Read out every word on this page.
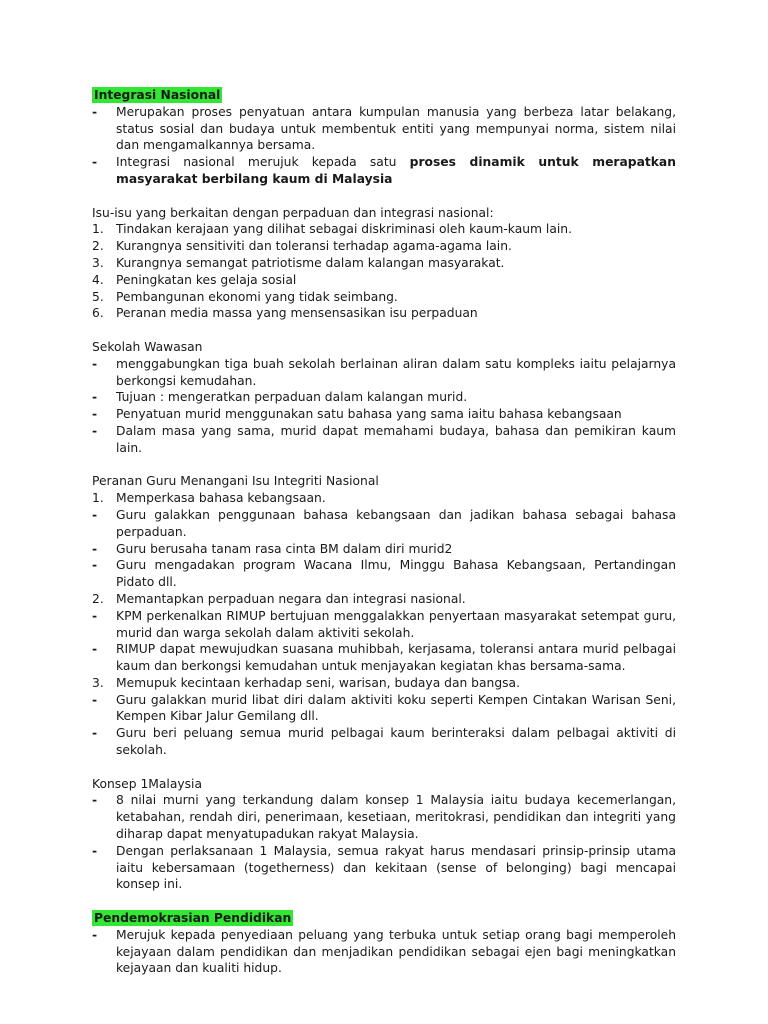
Integrasi Nasional
-	Merupakan proses penyatuan antara kumpulan manusia yang berbeza latar belakang, status sosial dan budaya untuk membentuk entiti yang mempunyai norma, sistem nilai dan mengamalkannya bersama.
-	Integrasi nasional merujuk kepada satu proses dinamik untuk merapatkan masyarakat berbilang kaum di Malaysia

Isu-isu yang berkaitan dengan perpaduan dan integrasi nasional:

1. Tindakan kerajaan yang dilihat sebagai diskriminasi oleh kaum-kaum lain.
2. Kurangnya sensitiviti dan toleransi terhadap agama-agama lain.
3. Kurangnya semangat patriotisme dalam kalangan masyarakat.
4. Peningkatan kes gelaja sosial
5. Pembangunan ekonomi yang tidak seimbang.
6. Peranan media massa yang mensensasikan isu perpaduan

Sekolah Wawasan

-	menggabungkan tiga buah sekolah berlainan aliran dalam satu kompleks iaitu pelajarnya berkongsi kemudahan.
-	Tujuan : mengeratkan perpaduan dalam kalangan murid.
-	Penyatuan murid menggunakan satu bahasa yang sama iaitu bahasa kebangsaan
-	Dalam masa yang sama, murid dapat memahami budaya, bahasa dan pemikiran kaum lain.

Peranan Guru Menangani Isu Integriti Nasional

1. Memperkasa bahasa kebangsaan.
-	Guru galakkan penggunaan bahasa kebangsaan dan jadikan bahasa sebagai bahasa perpaduan.
-	Guru berusaha tanam rasa cinta BM dalam diri murid2
-	Guru mengadakan program Wacana Ilmu, Minggu Bahasa Kebangsaan, Pertandingan Pidato dll.
2. Memantapkan perpaduan negara dan integrasi nasional.
-	KPM perkenalkan RIMUP bertujuan menggalakkan penyertaan masyarakat setempat guru, murid dan warga sekolah dalam aktiviti sekolah.
-	RIMUP dapat mewujudkan suasana muhibbah, kerjasama, toleransi antara murid pelbagai kaum dan berkongsi kemudahan untuk menjayakan kegiatan khas bersama-sama.
3. Memupuk kecintaan kerhadap seni, warisan, budaya dan bangsa.
-	Guru galakkan murid libat diri dalam aktiviti koku seperti Kempen Cintakan Warisan Seni, Kempen Kibar Jalur Gemilang dll.
-	Guru beri peluang semua murid pelbagai kaum berinteraksi dalam pelbagai aktiviti di sekolah.

Konsep 1Malaysia

-	8 nilai murni yang terkandung dalam konsep 1 Malaysia iaitu budaya kecemerlangan, ketabahan, rendah diri, penerimaan, kesetiaan, meritokrasi, pendidikan dan integriti yang diharap dapat menyatupadukan rakyat Malaysia.
-	Dengan perlaksanaan 1 Malaysia, semua rakyat harus mendasari prinsip-prinsip utama iaitu kebersamaan (togetherness) dan kekitaan (sense of belonging) bagi mencapai konsep ini.
Pendemokrasian Pendidikan
-	Merujuk kepada penyediaan peluang yang terbuka untuk setiap orang bagi memperoleh kejayaan dalam pendidikan dan menjadikan pendidikan sebagai ejen bagi meningkatkan kejayaan dan kualiti hidup.
